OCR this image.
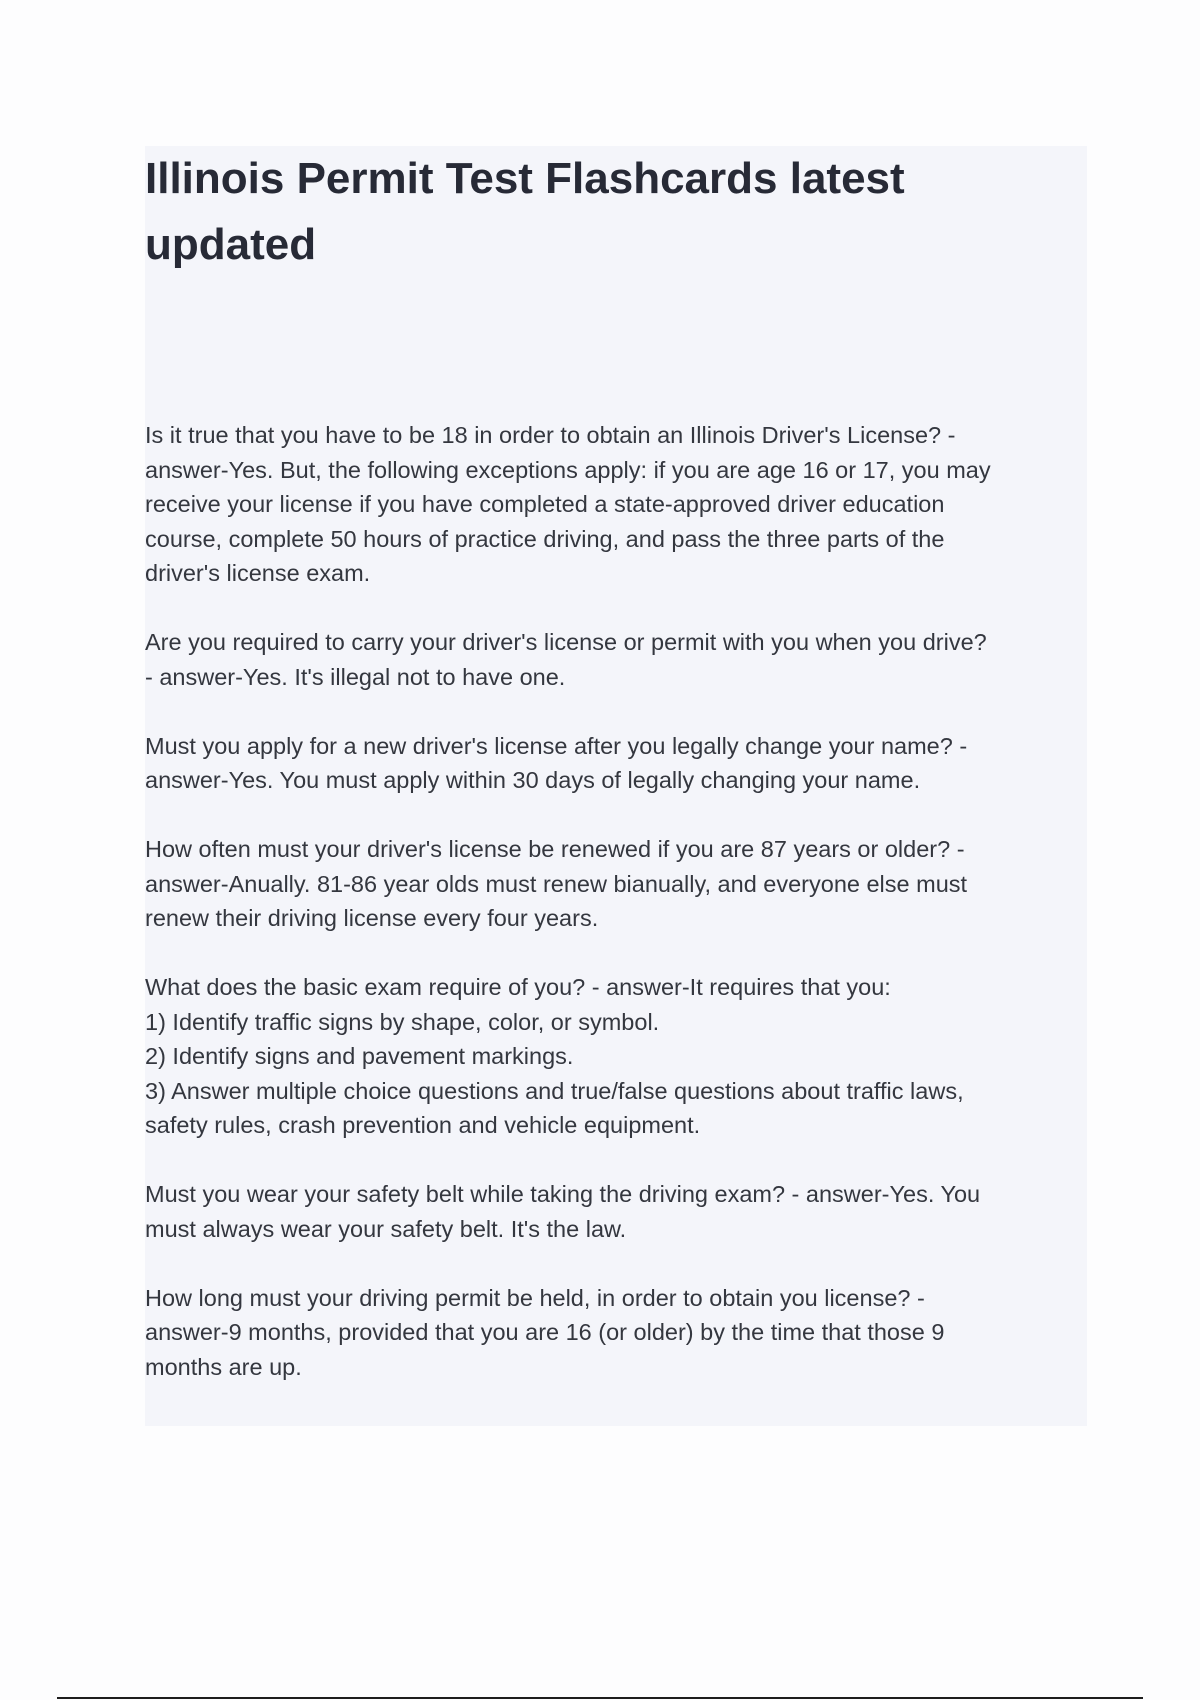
Illinois Permit Test Flashcards latest
updated
Is it true that you have to be 18 in order to obtain an Illinois Driver's License? -
answer-Yes. But, the following exceptions apply: if you are age 16 or 17, you may
receive your license if you have completed a state-approved driver education
course, complete 50 hours of practice driving, and pass the three parts of the
driver's license exam.
Are you required to carry your driver's license or permit with you when you drive?
- answer-Yes. It's illegal not to have one.
Must you apply for a new driver's license after you legally change your name? -
answer-Yes. You must apply within 30 days of legally changing your name.
How often must your driver's license be renewed if you are 87 years or older? -
answer-Anually. 81-86 year olds must renew bianually, and everyone else must
renew their driving license every four years.
What does the basic exam require of you? - answer-It requires that you:
1) Identify traffic signs by shape, color, or symbol.
2) Identify signs and pavement markings.
3) Answer multiple choice questions and true/false questions about traffic laws,
safety rules, crash prevention and vehicle equipment.
Must you wear your safety belt while taking the driving exam? - answer-Yes. You
must always wear your safety belt. It's the law.
How long must your driving permit be held, in order to obtain you license? -
answer-9 months, provided that you are 16 (or older) by the time that those 9
months are up.
